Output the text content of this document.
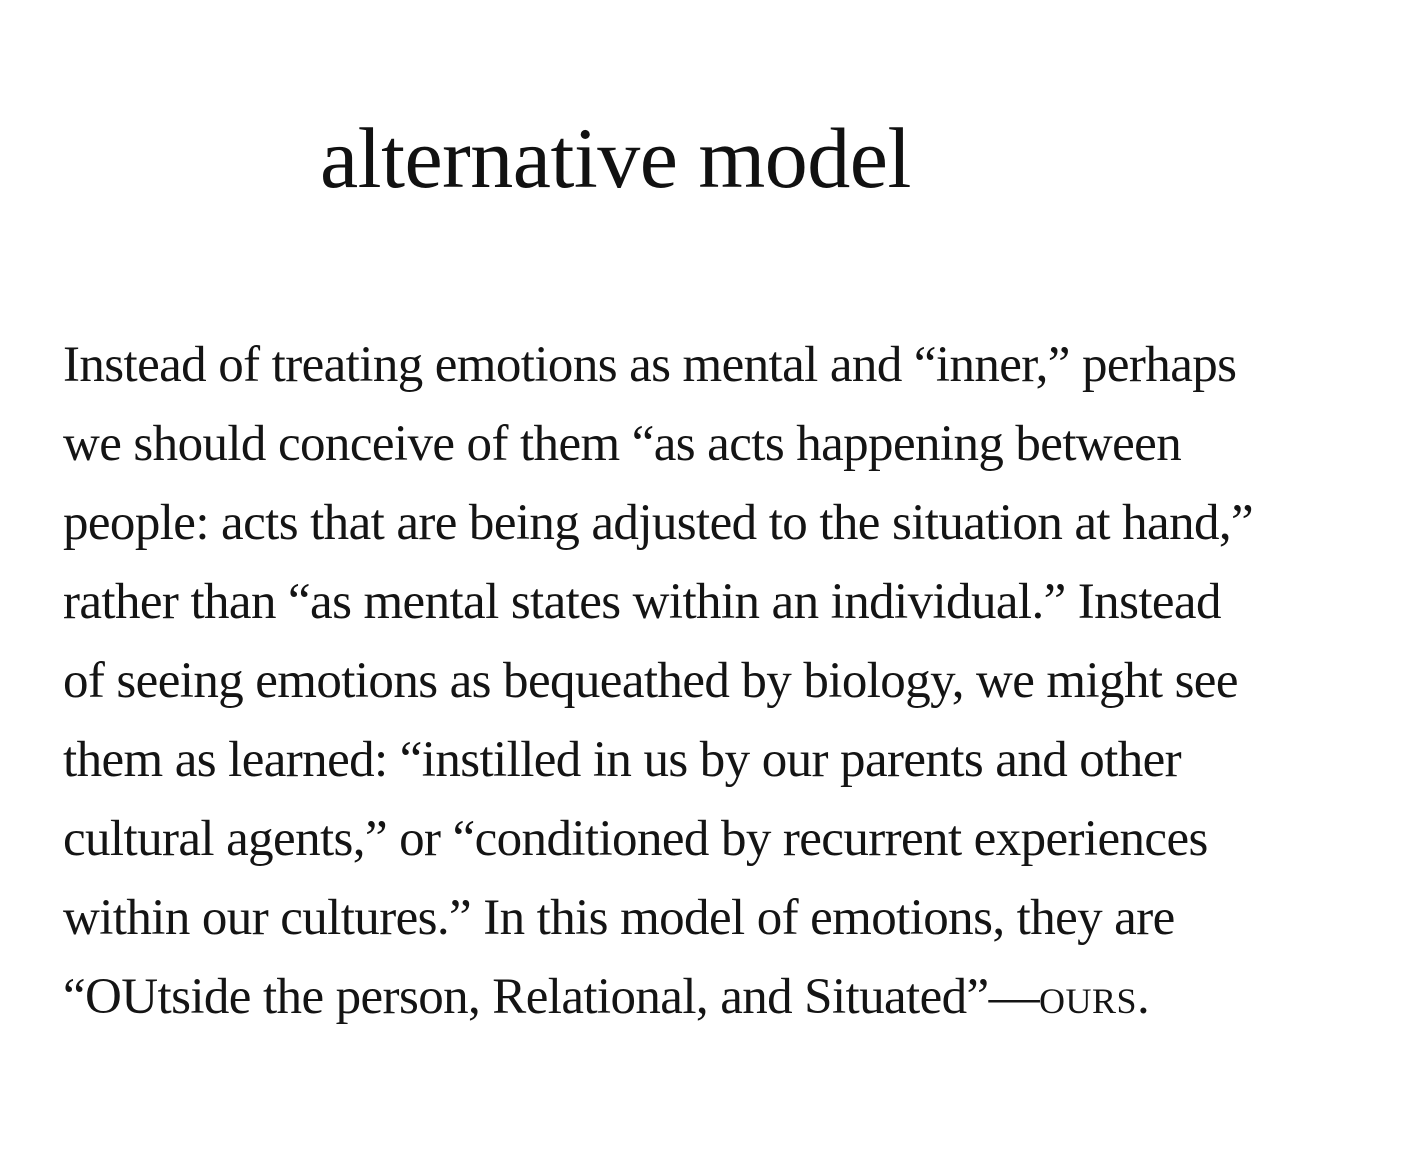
alternative model
Instead of treating emotions as mental and “inner,” perhaps
we should conceive of them “as acts happening between
people: acts that are being adjusted to the situation at hand,”
rather than “as mental states within an individual.” Instead
of seeing emotions as bequeathed by biology, we might see
them as learned: “instilled in us by our parents and other
cultural agents,” or “conditioned by recurrent experiences
within our cultures.” In this model of emotions, they are
“OUtside the person, Relational, and Situated”—ours.
